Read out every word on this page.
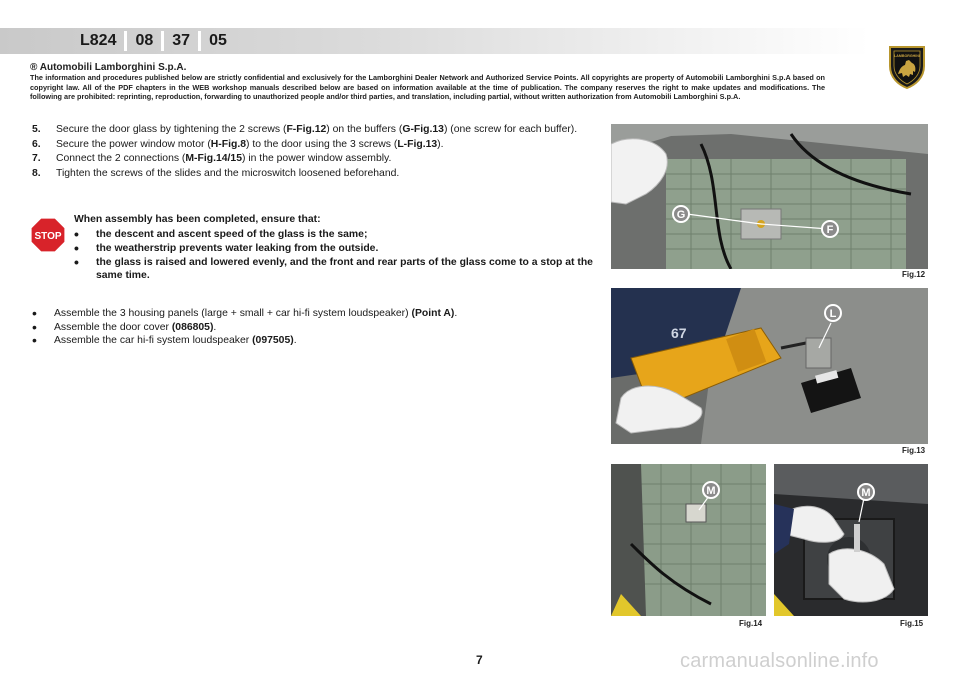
L824	08	37	05
LAMBORGHINI
® Automobili Lamborghini S.p.A.
The information and procedures published below are strictly confidential and exclusively for the Lamborghini Dealer Network and Authorized Service Points. All copyrights are property of Automobili Lamborghini S.p.A based on copyright law. All of the PDF chapters in the WEB workshop manuals described below are based on information available at the time of publication. The company reserves the right to make updates and modifications. The following are prohibited: reprinting, reproduction, forwarding to unauthorized people and/or third parties, and translation, including partial, without written authorization from Automobili Lamborghini S.p.A.
5.	Secure the door glass by tightening the 2 screws (F-Fig.12) on the buffers (G-Fig.13) (one screw for each buffer).
6.	Secure the power window motor (H-Fig.8) to the door using the 3 screws (L-Fig.13).
7.	Connect the 2 connections (M-Fig.14/15) in the power window assembly.
8.	Tighten the screws of the slides and the microswitch loosened beforehand.
STOP
When assembly has been completed, ensure that:
•	the descent and ascent speed of the glass is the same;
•	the weatherstrip prevents water leaking from the outside.
•	the glass is raised and lowered evenly, and the front and rear parts of the glass come to a stop at the same time.
•	Assemble the 3 housing panels (large + small + car hi-fi system loudspeaker) (Point A).
•	Assemble the door cover (086805).
•	Assemble the car hi-fi system loudspeaker (097505).
G
F
Fig.12
67
L
Fig.13
M
Fig.14
M
Fig.15
7	carmanualsonline.info
